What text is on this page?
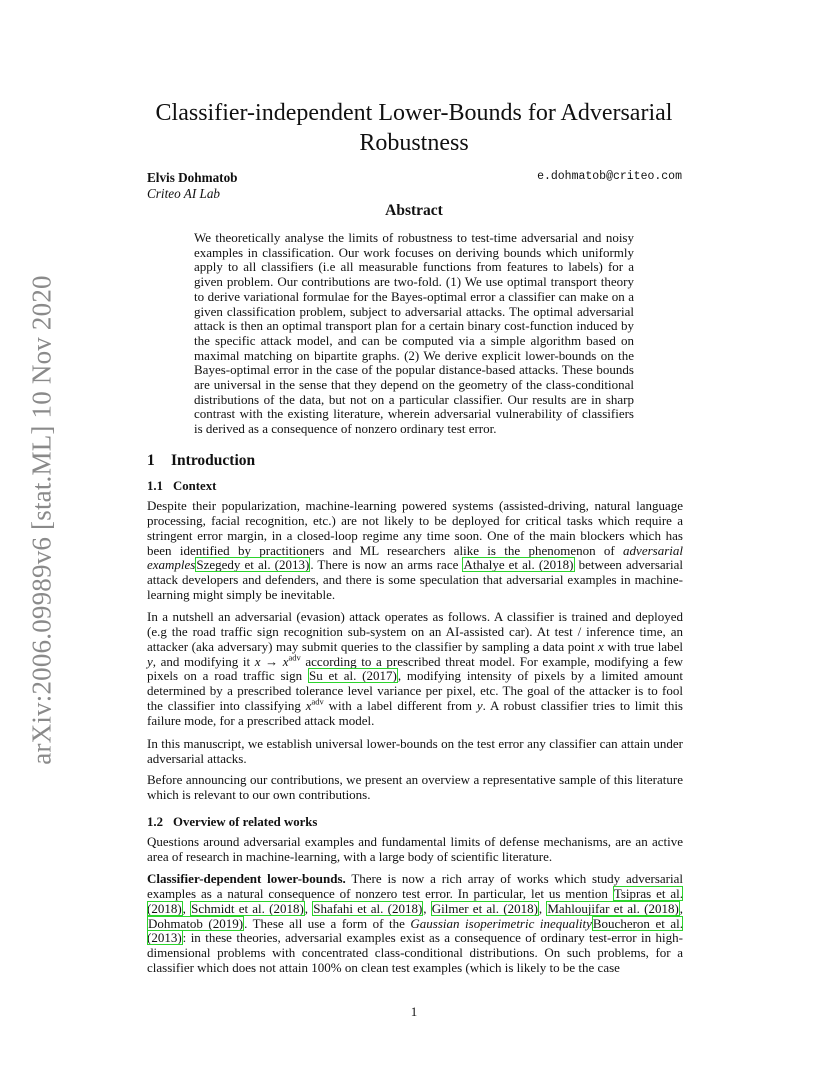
arXiv:2006.09989v6 [stat.ML] 10 Nov 2020
Classifier-independent Lower-Bounds for Adversarial Robustness
Elvis Dohmatob
Criteo AI Lab
e.dohmatob@criteo.com
Abstract
We theoretically analyse the limits of robustness to test-time adversarial and noisy examples in classification. Our work focuses on deriving bounds which uniformly apply to all classifiers (i.e all measurable functions from features to labels) for a given problem. Our contributions are two-fold. (1) We use optimal transport theory to derive variational formulae for the Bayes-optimal error a classifier can make on a given classification problem, subject to adversarial attacks. The optimal adversarial attack is then an optimal transport plan for a certain binary cost-function induced by the specific attack model, and can be computed via a simple algorithm based on maximal matching on bipartite graphs. (2) We derive explicit lower-bounds on the Bayes-optimal error in the case of the popular distance-based attacks. These bounds are universal in the sense that they depend on the geometry of the class-conditional distributions of the data, but not on a particular classifier. Our results are in sharp contrast with the existing literature, wherein adversarial vulnerability of classifiers is derived as a consequence of nonzero ordinary test error.
1 Introduction
1.1 Context
Despite their popularization, machine-learning powered systems (assisted-driving, natural language processing, facial recognition, etc.) are not likely to be deployed for critical tasks which require a stringent error margin, in a closed-loop regime any time soon. One of the main blockers which has been identified by practitioners and ML researchers alike is the phenomenon of adversarial examplesSzegedy et al. (2013). There is now an arms race Athalye et al. (2018) between adversarial attack developers and defenders, and there is some speculation that adversarial examples in machine-learning might simply be inevitable.
In a nutshell an adversarial (evasion) attack operates as follows. A classifier is trained and deployed (e.g the road traffic sign recognition sub-system on an AI-assisted car). At test / inference time, an attacker (aka adversary) may submit queries to the classifier by sampling a data point x with true label y, and modifying it $x \to x^{adv}$ according to a prescribed threat model. For example, modifying a few pixels on a road traffic sign Su et al. (2017), modifying intensity of pixels by a limited amount determined by a prescribed tolerance level variance per pixel, etc. The goal of the attacker is to fool the classifier into classifying $x^{adv}$ with a label different from y. A robust classifier tries to limit this failure mode, for a prescribed attack model.
In this manuscript, we establish universal lower-bounds on the test error any classifier can attain under adversarial attacks.
Before announcing our contributions, we present an overview a representative sample of this literature which is relevant to our own contributions.
1.2 Overview of related works
Questions around adversarial examples and fundamental limits of defense mechanisms, are an active area of research in machine-learning, with a large body of scientific literature.
Classifier-dependent lower-bounds. There is now a rich array of works which study adversarial examples as a natural consequence of nonzero test error. In particular, let us mention Tsipras et al. (2018), Schmidt et al. (2018), Shafahi et al. (2018), Gilmer et al. (2018), Mahloujifar et al. (2018), Dohmatob (2019). These all use a form of the Gaussian isoperimetric inequalityBoucheron et al. (2013): in these theories, adversarial examples exist as a consequence of ordinary test-error in high-dimensional problems with concentrated class-conditional distributions. On such problems, for a classifier which does not attain 100% on clean test examples (which is likely to be the case
1
